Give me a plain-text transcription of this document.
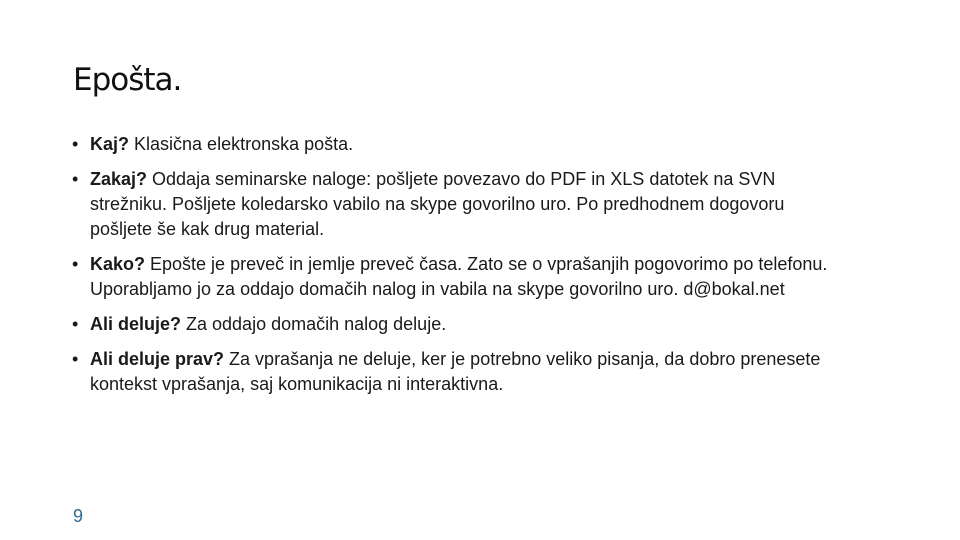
Epošta.
• Kaj? Klasična elektronska pošta.
• Zakaj? Oddaja seminarske naloge: pošljete povezavo do PDF in XLS datotek na SVN strežniku. Pošljete koledarsko vabilo na skype govorilno uro. Po predhodnem dogovoru pošljete še kak drug material.
• Kako? Epošte je preveč in jemlje preveč časa. Zato se o vprašanjih pogovorimo po telefonu. Uporabljamo jo za oddajo domačih nalog in vabila na skype govorilno uro. d@bokal.net
• Ali deluje? Za oddajo domačih nalog deluje.
• Ali deluje prav? Za vprašanja ne deluje, ker je potrebno veliko pisanja, da dobro prenesete kontekst vprašanja, saj komunikacija ni interaktivna.
9
